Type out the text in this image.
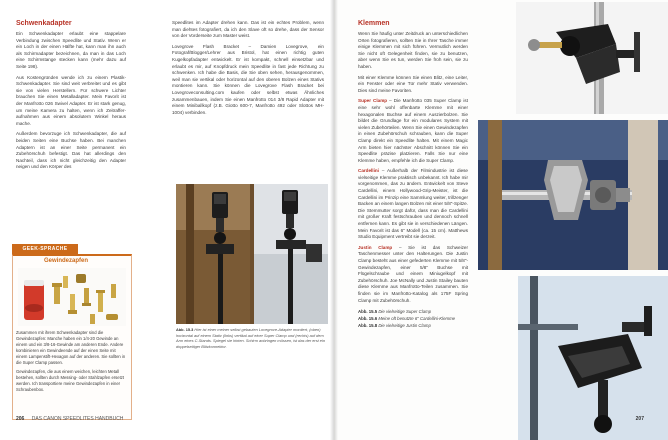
Schwenkadapter

Ein Schwenkadapter erlaubt eine stappelare Verbindung zwischen Speedlite und Stativ. Wenn er ein Loch in der einen Hälfte hat, kann man ihn auch als Schirmadapter bezeichnen, da man in das Loch eine Schirmstange stecken kann (mehr dazu auf Seite 198).

Aus Kostengründen wende ich zu einem Plastik-Schwenkadapter. Sie sind weit verbreitet und es gibt sie von vielen Herstellern. Für schwere Lichter brauchen Sie einen Metalladapter. Mein Favorit ist der Manfrotto 026 Swivel Adapter. Er ist stark genug, um meine Kamera zu halten, wenn ich Zeitraffer-aufnahmen aus einem absolutern Winkel heraus mache.

Außerdem bevorzuge ich Schwenkadapter, die auf beiden Seiten eine Buchse haben. Bei manchen Adaptern ist an einer Seite permanent ein Zubehörschuh befestigt. Das hat allerdings den Nachteil, dass ich nicht gleichzeitig den Adapter neigen und den Körper des

Speedlites im Adapter drehen kann. Das ist ein echtes Problem, wenn man diehtes fotografiert, da ich den Slave oft so drehe, dass der Sensor von der Vorderseite zum Master weist.

Lovegrove Flash Bracket – Damien Lovegrove, ein Fotograf/Blogger/Lehrer aus Bristol, hat einen richtig guten Kugelkopfadapter entwickelt. Er ist kompakt, schnell einsetzbar und erlaubt es mir, auf Knopfdruck mein Speedlite in fast jede Richtung zu schwenken. Ich habe die Basis, die Sie oben sehen, herausgenommen, weil man sie vertikal oder horizontal auf den oberen Bolzen eines Stativs montieren kann. Sie können die Lovegrove Flash Bracket bei Lovegroveconsulting.com kaufen oder selbst etwas Ähnliches zusammenbauen, indem Sie einen Manfrotto 014 3/8 Rapid Adapter mit einem Miniballkopf (z.B. Giotto 600-7, Manfrotto 492 oder Slottos MH-1004) verbinden.

GEEK-SPRACHE
Gewindezapfen

Zusammen mit ihrem Schwenkadapter sind die Gewindezapfen: Manche haben ein 1/4-20 Gewinde an einem und ein 3/8-16-Gewinde am anderen Ende. Andere kombinieren ein Gewindeende auf der einen Seite mit einem Lampenstift-Hexagon auf der anderen. Sie sollten in die Super Clamp passen.

Gewindezapfen, die aus einem weichen, leichten Metall bestehen, sollten durch Messing- oder Stahlzapfen ersetzt werden. Ich transportiere meine Gewindezapfen in einer Schraubenbox.

Abb. 15.3 Hier ist einer meiner selbst gebauten Lovegrove-Adapter montiert, (oben) horizontal auf einem Stativ (links) vertikal auf einer Super Clamp und (rechts) auf dem Arm eines C-Stands. Spiegel sie hinten. Schirm anbringen müssen, ist das der erst ein doppelseitiger Blitzkonnektor.
206 DAS CANON SPEEDLITES HANDBUCH
Klemmen

Wenn Sie häufig unter Zeitdruck an unterschiedlichen Orten fotografieren, sollten Sie in Ihrer Tasche immer einige Klemmen mit sich führen. Vermutlich werden Sie nicht oft Gelegenheit finden, sie zu benutzen, aber wenn Sie es tun, werden Sie froh sein, sie zu haben.

Mit einer Klemme können Sie einen Blitz, eine Leiter, ein Fenster oder eine Tür mehr Stativ verwenden. Dies sind meine Favoriten.

Super Clamp – Die Manfrotto 035 Super Clamp ist eine sehr wohl offenbarte Klemme mit einer hexagonalen Buchse auf einem Auszierbolzen. Sie bildet die Grundlage für ein modulares System mit vielen Zubehörteilen. Wenn Sie einen Gewindezapfen in einen Zubehörschuh schrauben, kann die Super Clamp direkt ein Speedlite halten. Mit einem Magic Arm bieten hier nächster Abschnitt können Sie ein Speedlite präzise platzieren. Falls Sie nur eine Klemme haben, empfehle ich die Super Clamp.

Cardellini – Außerhalb der Filmindustrie ist diese vielseitige Klemme praktisch unbekannt. Ich habe mir vorgenommen, das zu ändern. Entwickelt von Steve Cardellini, einem Hollywood-Grip-Meister, ist die Cardellini im Prinzip eine Sammlung weiter, trillzenger Backen an einem langen Bolzen mit einer 5/8"-Spitze. Die Stemmutter sorgt dafür, dass man die Cardellini mit großer Kraft festschrauben und dennoch schnell entfernen kann. Es gibt sie in verschiedenen Längen. Mein Favorit ist das 6" Modell (ca. 15 cm). Matthews Studio Equipment vertreibt sie derzeit.

Justin Clamp – Sie ist das Schweizer Taschenmesser unter den Halterungen. Die Justin Clamp besteht aus einer gefederten Klemme mit 5/8"-Gewindezapfen, einer 5/8" Buchse mit Flügelschraube und einem Miniugelkopf mit Zubehörschuh. Joe McNally und Justin Stailey bauten diese Klemme aus Manfrotto-Teilen zusammen. Sie finden sie im Manfrotto-Katalog als 175F Spring Clamp mit Zubehörschuh.

Abb. 15.5 Die vielseitige Super Clamp
Abb. 15.6 Meine oft benutzte 6" Cardellini-Klemme
Abb. 15.8 Die vielseitige Justin Clamp
207
